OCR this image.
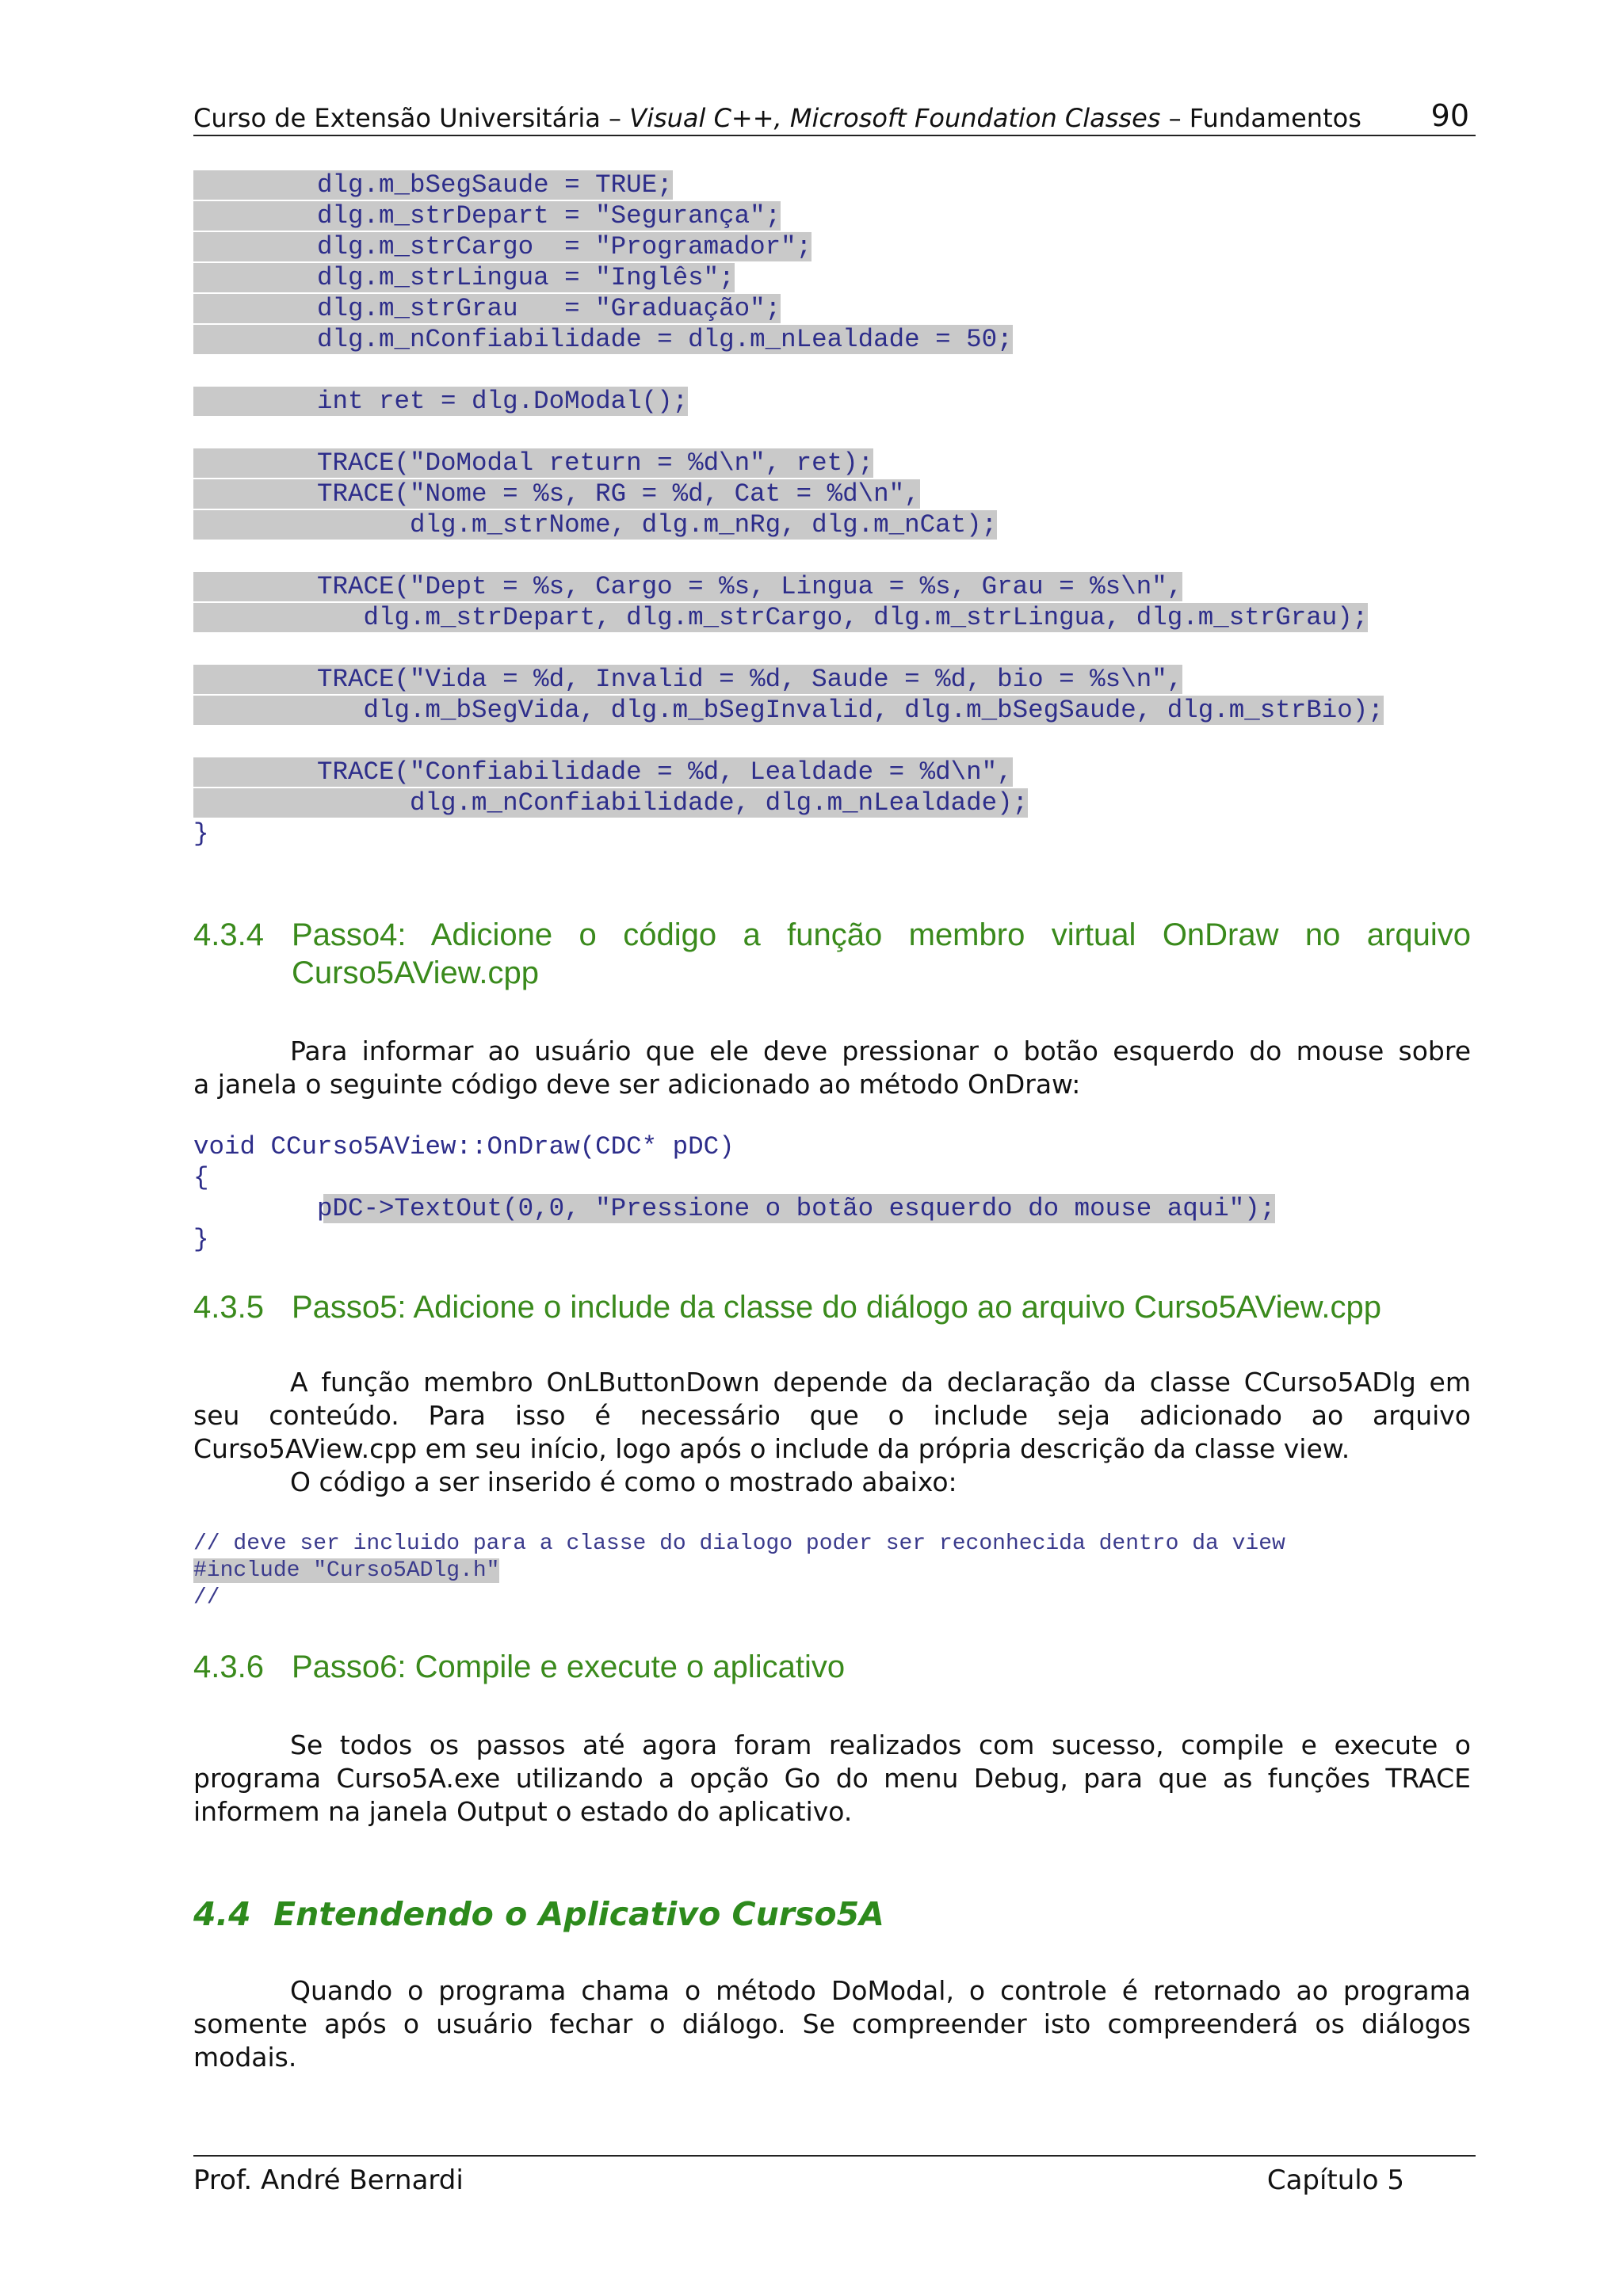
Curso de Extensão Universitária – Visual C++, Microsoft Foundation Classes – Fundamentos 90

dlg.m_bSegSaude = TRUE;

dlg.m_strDepart = "Segurança";

dlg.m_strCargo  = "Programador";

dlg.m_strLingua = "Inglês";

dlg.m_strGrau   = "Graduação";

dlg.m_nConfiabilidade = dlg.m_nLealdade = 50;

int ret = dlg.DoModal();

TRACE("DoModal return = %d\n", ret);

TRACE("Nome = %s, RG = %d, Cat = %d\n",

dlg.m_strNome, dlg.m_nRg, dlg.m_nCat);

TRACE("Dept = %s, Cargo = %s, Lingua = %s, Grau = %s\n",

dlg.m_strDepart, dlg.m_strCargo, dlg.m_strLingua, dlg.m_strGrau);

TRACE("Vida = %d, Invalid = %d, Saude = %d, bio = %s\n",

dlg.m_bSegVida, dlg.m_bSegInvalid, dlg.m_bSegSaude, dlg.m_strBio);

TRACE("Confiabilidade = %d, Lealdade = %d\n",

dlg.m_nConfiabilidade, dlg.m_nLealdade);

}

4.3.4 Passo4: Adicione o código a função membro virtual OnDraw no arquivo
Curso5AView.cpp
Para informar ao usuário que ele deve pressionar o botão esquerdo do mouse sobre
a janela o seguinte código deve ser adicionado ao método OnDraw:

void CCurso5AView::OnDraw(CDC* pDC)

{

pDC->TextOut(0,0, "Pressione o botão esquerdo do mouse aqui");

}

4.3.5 Passo5: Adicione o include da classe do diálogo ao arquivo Curso5AView.cpp
A função membro OnLButtonDown depende da declaração da classe CCurso5ADlg em
seu conteúdo. Para isso é necessário que o include seja adicionado ao arquivo
Curso5AView.cpp em seu início, logo após o include da própria descrição da classe view.
O código a ser inserido é como o mostrado abaixo:

// deve ser incluido para a classe do dialogo poder ser reconhecida dentro da view

#include "Curso5ADlg.h"

//

4.3.6 Passo6: Compile e execute o aplicativo
Se todos os passos até agora foram realizados com sucesso, compile e execute o
programa Curso5A.exe utilizando a opção Go do menu Debug, para que as funções TRACE
informem na janela Output o estado do aplicativo.
4.4  Entendendo o Aplicativo Curso5A
Quando o programa chama o método DoModal, o controle é retornado ao programa
somente após o usuário fechar o diálogo. Se compreender isto compreenderá os diálogos
modais.
Prof. André Bernardi	Capítulo 5
